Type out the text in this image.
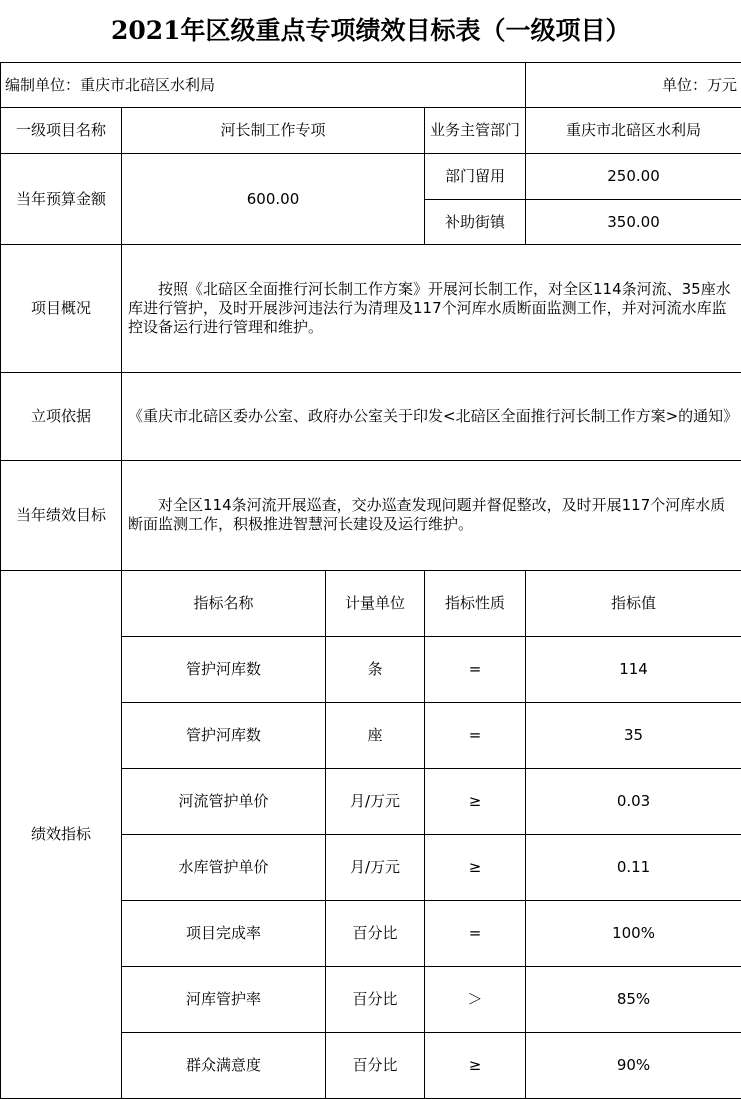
2021年区级重点专项绩效目标表（一级项目）				
编制单位：重庆市北碚区水利局				单位：万元
一级项目名称	河长制工作专项		业务主管部门	重庆市北碚区水利局
当年预算金额	600.00		部门留用	250.00
			补助街镇	350.00
项目概况	按照《北碚区全面推行河长制工作方案》开展河长制工作，对全区114条河流、35座水库进行管护，及时开展涉河违法行为清理及117个河库水质断面监测工作，并对河流水库监控设备运行进行管理和维护。			
立项依据	《重庆市北碚区委办公室、政府办公室关于印发<北碚区全面推行河长制工作方案>的通知》			
当年绩效目标	对全区114条河流开展巡查，交办巡查发现问题并督促整改，及时开展117个河库水质断面监测工作，积极推进智慧河长建设及运行维护。			
绩效指标	指标名称	计量单位	指标性质	指标值
	管护河库数	条	=	114
	管护河库数	座	=	35
	河流管护单价	月/万元	≥	0.03
	水库管护单价	月/万元	≥	0.11
	项目完成率	百分比	=	100%
	河库管护率	百分比	＞	85%
	群众满意度	百分比	≥	90%
